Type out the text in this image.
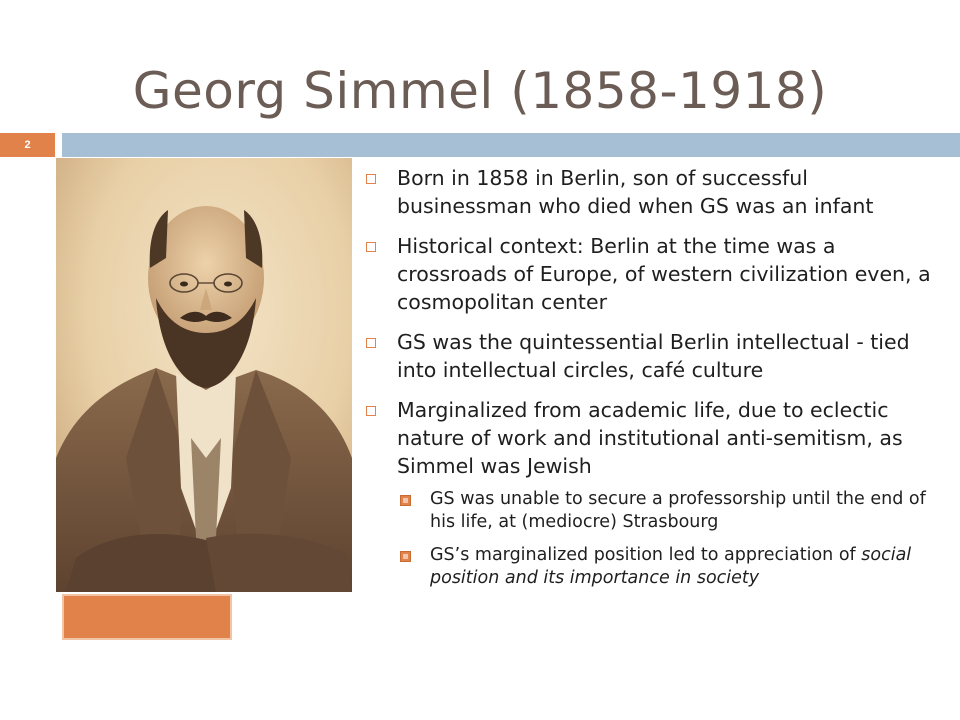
Georg Simmel (1858-1918)
2
Born in 1858 in Berlin, son of successful businessman who died when GS was an infant
Historical context: Berlin at the time was a crossroads of Europe, of western civilization even, a cosmopolitan center
GS was the quintessential Berlin intellectual - tied into intellectual circles, café culture
Marginalized from academic life, due to eclectic nature of work and institutional anti-semitism, as Simmel was Jewish
GS was unable to secure a professorship until the end of his life, at (mediocre) Strasbourg
GS’s marginalized position led to appreciation of social position and its importance in society
